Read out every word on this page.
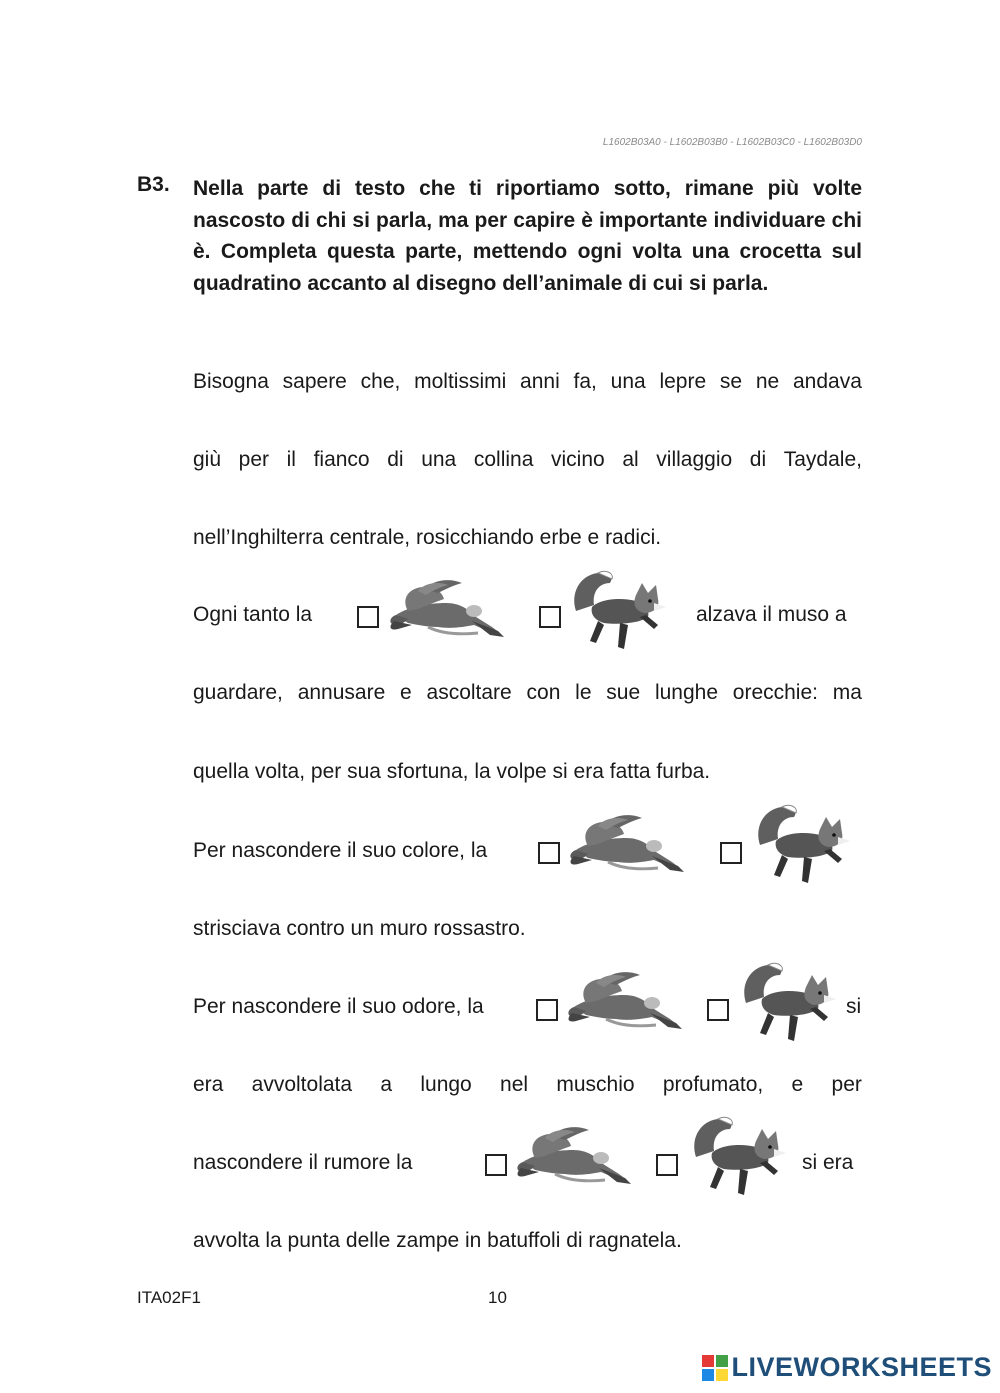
L1602B03A0 - L1602B03B0 - L1602B03C0 - L1602B03D0
B3. Nella parte di testo che ti riportiamo sotto, rimane più volte nascosto di chi si parla, ma per capire è importante individuare chi è. Completa questa parte, mettendo ogni volta una crocetta sul quadratino accanto al disegno dell’animale di cui si parla.
Bisogna sapere che, moltissimi anni fa, una lepre se ne andava
giù per il fianco di una collina vicino al villaggio di Taydale,
nell’Inghilterra centrale, rosicchiando erbe e radici.
Ogni tanto la	alzava il muso a
guardare, annusare e ascoltare con le sue lunghe orecchie: ma
quella volta, per sua sfortuna, la volpe si era fatta furba.
Per nascondere il suo colore, la
strisciava contro un muro rossastro.
Per nascondere il suo odore, la	si
era avvoltolata a lungo nel muschio profumato, e per
nascondere il rumore la	si era
avvolta la punta delle zampe in batuffoli di ragnatela.
ITA02F1	10
LIVEWORKSHEETS
